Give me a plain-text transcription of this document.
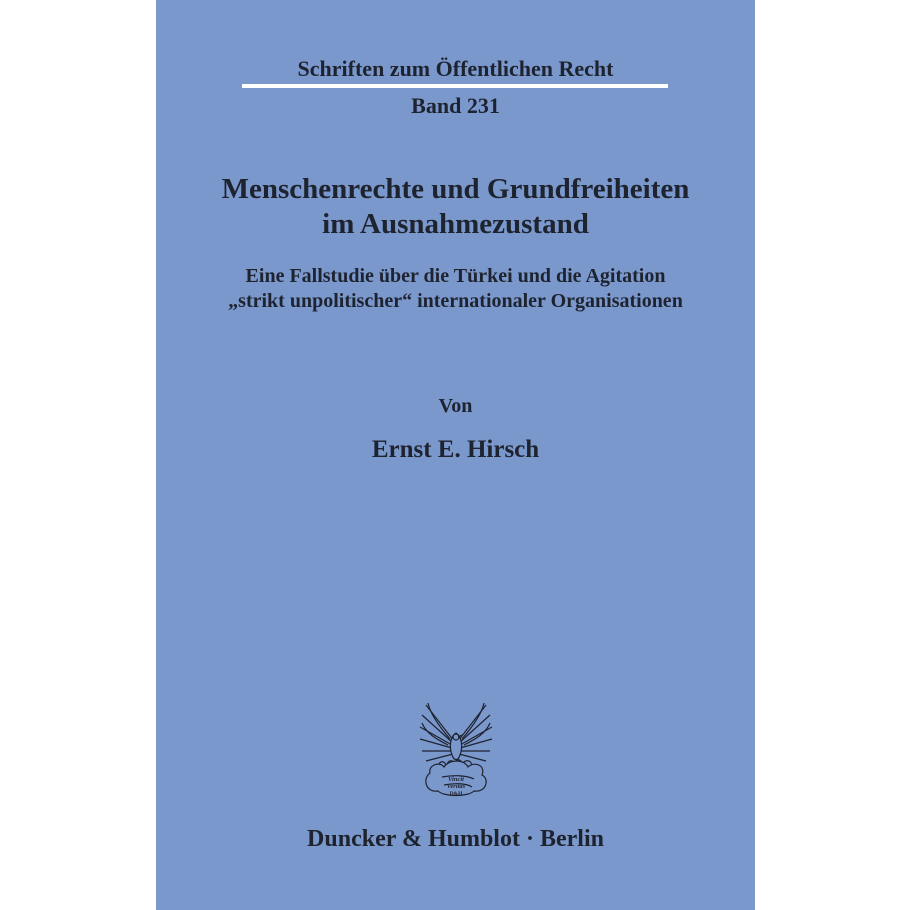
Schriften zum Öffentlichen Recht
Band 231
Menschenrechte und Grundfreiheiten
im Ausnahmezustand
Eine Fallstudie über die Türkei und die Agitation
„strikt unpolitischer“ internationaler Organisationen
Von
Ernst E. Hirsch
Vincit
Veritas
D&H
Duncker & Humblot · Berlin
